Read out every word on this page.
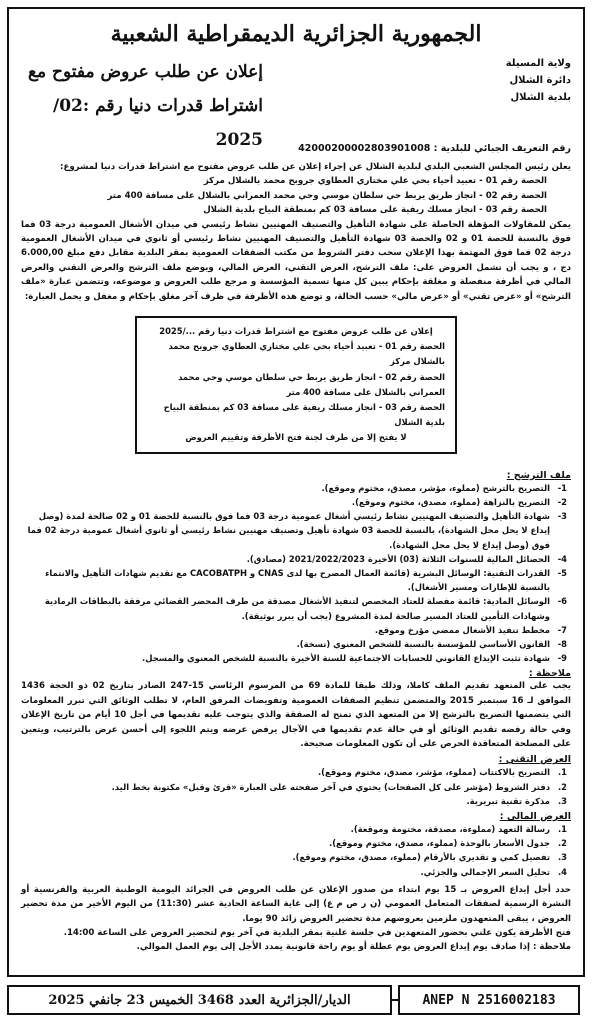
الجمهورية الجزائرية الديمقراطية الشعبية
ولاية المسيلة
دائرة الشلال
بلدية الشلال
إعلان عن طلب عروض مفتوح مع
اشتراط قدرات دنيا رقم :02/ 2025	رقم التعريف الجبائي للبلدية : 420002000028039010​08
يعلن رئيس المجلس الشعبي البلدي لبلدية الشلال عن إجراء إعلان عن طلب عروض مفتوح مع اشتراط قدرات دنيا لمشروع:
الحصة رقم 01 - تعبيد أحياء بحي علي مختاري العطاوي جروبح محمد بالشلال مركز
الحصة رقم 02 - انجاز طريق يربط حي سلطان موسي وحي محمد العمراني بالشلال على مسافة 400 متر
الحصة رقم 03 - انجاز مسلك ريفية على مسافة 03 كم بمنطقة البياح بلدية الشلال
يمكن للمقاولات المؤهلة الحاصلة على شهادة التأهيل والتصنيف المهنيين نشاط رئيسي في ميدان الأشغال العمومية درجة 03 فما فوق بالنسبة للحصة 01 و 02 والحصة 03 شهادة التأهيل والتصنيف المهنيين نشاط رئيسي أو ثانوي في ميدان الأشغال العمومية درجة 02 فما فوق المهتمة بهذا الإعلان سحب دفتر الشروط من مكتب الصفقات العمومية بمقر البلدية مقابل دفع مبلغ 6.000,00 دج ، و يجب أن تشمل العروض على: ملف الترشح، العرض التقني، العرض المالي، ويوضع ملف الترشح والعرض التقني والعرض المالي في أظرفة منفصلة و مغلقة بإحكام يبين كل منها تسمية المؤسسة و مرجع طلب العروض و موضوعه، وتتضمن عبارة «ملف الترشح» أو «عرض تقني» أو «عرض مالي» حسب الحالة، و توضع هذه الأظرفة في ظرف آخر مغلق بإحكام و مغفل و يحمل العبارة:
إعلان عن طلب عروض مفتوح مع اشتراط قدرات دنيا رقم .../2025
الحصة رقم 01 - تعبيد أحياء بحي علي مختاري العطاوي جروبح محمد بالشلال مركز
الحصة رقم 02 - انجاز طريق يربط حي سلطان موسي وحي محمد العمراني بالشلال على مسافة 400 متر
الحصة رقم 03 - انجاز مسلك ريفية على مسافة 03 كم بمنطقة البياح بلدية الشلال
لا يفتح إلا من طرف لجنة فتح الأظرفة وتقييم العروض
ملف الترشح :
1-
التصريح بالترشح (مملوء، مؤشر، مصدق، مختوم وموقع).
2-
التصريح بالنزاهة (مملوء، مصدق، مختوم وموقع).
3-
شهادة التأهيل والتصنيف المهنيين نشاط رئيسي أشغال عمومية درجة 03 فما فوق بالنسبة للحصة 01 و 02 صالحة لمدة (وصل إيداع لا يحل محل الشهادة)، بالنسبة للحصة 03 شهادة تأهيل وتصنيف مهنيين نشاط رئيسي أو ثانوي أشغال عمومية درجة 02 فما فوق (وصل إيداع لا يحل محل الشهادة).
4-
الحصائل المالية للسنوات الثلاثة (03) الأخيرة 2021/2022/2023 (مصادق).
5-
القدرات التقنية: الوسائل البشرية (قائمة العمال المصرح بها لدى CNAS و CACOBATPH مع تقديم شهادات التأهيل والانتماء بالنسبة للإطارات ومسير الأشغال).
6-
الوسائل المادية: قائمة مفصلة للعتاد المخصص لتنفيذ الأشغال مصدقة من طرف المحضر القضائي مرفقة بالبطاقات الرمادية وشهادات التأمين للعتاد المسير صالحة لمدة المشروع (يجب أن يبرر بوثيقة).
7-
مخطط تنفيذ الأشغال ممضي مؤرخ وموقع.
8-
القانون الأساسي للمؤسسة بالنسبة للشخص المعنوي (نسخة).
9-
شهادة تثبت الإيداع القانوني للحسابات الاجتماعية للسنة الأخيرة بالنسبة للشخص المعنوي والمسجل.
ملاحظة :
يجب على المتعهد تقديم الملف كاملا، وذلك طبقا للمادة 69 من المرسوم الرئاسي 15-247 الصادر بتاريخ 02 ذو الحجة 1436 الموافق لـ 16 سبتمبر 2015 والمتضمن تنظيم الصفقات العمومية وتفويضات المرفق العام، لا تطلب الوثائق التي تبرر المعلومات التي يتضمنها التصريح بالترشح إلا من المتعهد الذي تمنح له الصفقة والذي يتوجب عليه تقديمها في أجل 10 أيام من تاريخ الإعلان وفي حالة رفضه تقديم الوثائق أو في حالة عدم تقديمها في الآجال يرفض عرضه ويتم اللجوء إلى أحسن عرض بالترتيب، ويتعين على المصلحة المتعاقدة الحرص على أن تكون المعلومات صحيحة.
العرض التقني :
1.
التصريح بالاكتتاب (مملوء، مؤشر، مصدق، مختوم وموقع).
2.
دفتر الشروط (مؤشر على كل الصفحات) يحتوي في آخر صفحته على العبارة «قرئ وقبل» مكتوبة بخط اليد.
3.
مذكرة تقنية تبريرية.
العرض المالي :
1.
رسالة التعهد (مملوءة، مصدقة، مختومة وموقعة).
2.
جدول الأسعار بالوحدة (مملوء، مصدق، مختوم وموقع).
3.
تفصيل كمي و تقديري بالأرقام (مملوء، مصدق، مختوم وموقع).
4.
تحليل السعر الإجمالي والجزئي.
حدد أجل إيداع العروض بـ 15 يوم ابتداء من صدور الإعلان عن طلب العروض في الجرائد اليومية الوطنية العربية والفرنسية أو النشرة الرسمية لصفقات المتعامل العمومي (ن ر ص م ع) إلى غاية الساعة الحادية عشر (11:30) من اليوم الأخير من مدة تحضير العروض ، يبقى المتعهدون ملزمين بعروضهم مدة تحضير العروض زائد 90 يوما.
فتح الأظرفة يكون علني بحضور المتعهدين في جلسة علنية بمقر البلدية في آخر يوم لتحضير العروض على الساعة 14:00.
ملاحظة : إذا صادف يوم إيداع العروض يوم عطلة أو يوم راحة قانونية يمدد الأجل إلى يوم العمل الموالي.
الديار/الجزائرية العدد 3468 الخميس 23 جانفي 2025	ANEP N 2516002183
